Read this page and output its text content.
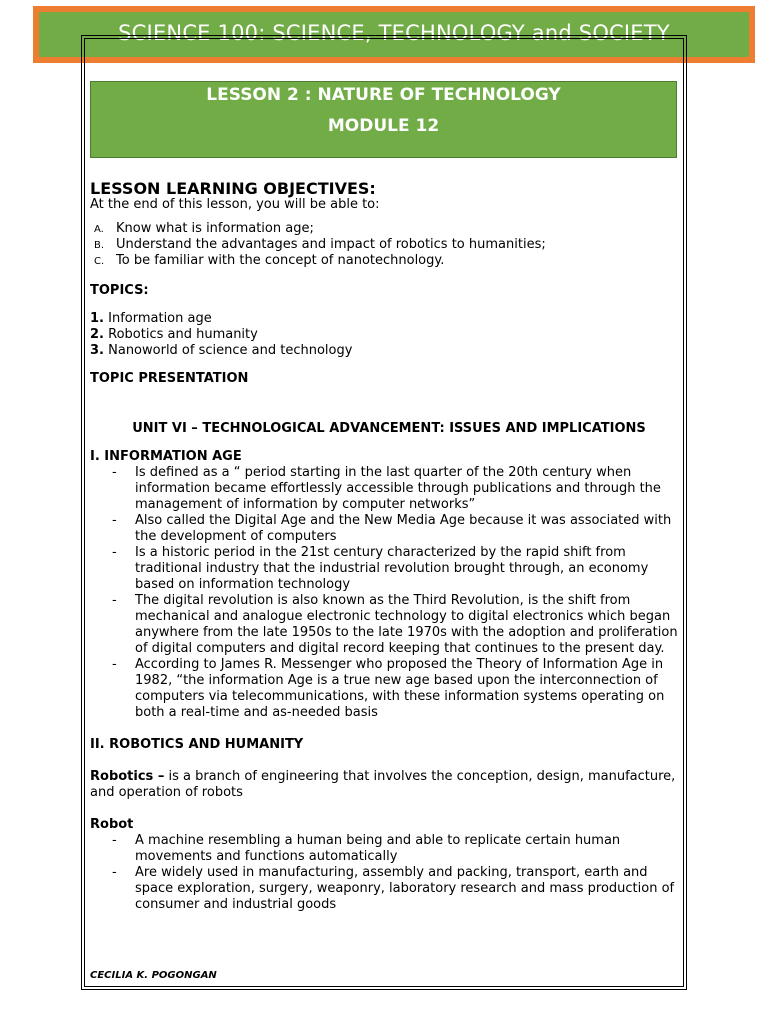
SCIENCE 100: SCIENCE, TECHNOLOGY and SOCIETY
LESSON 2 : NATURE OF TECHNOLOGY
MODULE 12

LESSON LEARNING OBJECTIVES:

At the end of this lesson, you will be able to:

A. Know what is information age;
B. Understand the advantages and impact of robotics to humanities;
C. To be familiar with the concept of nanotechnology.

TOPICS:

1. Information age
2. Robotics and humanity
3. Nanoworld of science and technology

TOPIC PRESENTATION

UNIT VI – TECHNOLOGICAL ADVANCEMENT: ISSUES AND IMPLICATIONS

I. INFORMATION AGE

- Is defined as a “ period starting in the last quarter of the 20th century when information became effortlessly accessible through publications and through the management of information by computer networks”
- Also called the Digital Age and the New Media Age because it was associated with the development of computers
- Is a historic period in the 21st century characterized by the rapid shift from traditional industry that the industrial revolution brought through, an economy based on information technology
- The digital revolution is also known as the Third Revolution, is the shift from mechanical and analogue electronic technology to digital electronics which began anywhere from the late 1950s to the late 1970s with the adoption and proliferation of digital computers and digital record keeping that continues to the present day.
- According to James R. Messenger who proposed the Theory of Information Age in 1982, “the information Age is a true new age based upon the interconnection of computers via telecommunications, with these information systems operating on both a real-time and as-needed basis

II. ROBOTICS AND HUMANITY

Robotics – is a branch of engineering that involves the conception, design, manufacture, and operation of robots

Robot

- A machine resembling a human being and able to replicate certain human movements and functions automatically
- Are widely used in manufacturing, assembly and packing, transport, earth and space exploration, surgery, weaponry, laboratory research and mass production of consumer and industrial goods
CECILIA K. POGONGAN
